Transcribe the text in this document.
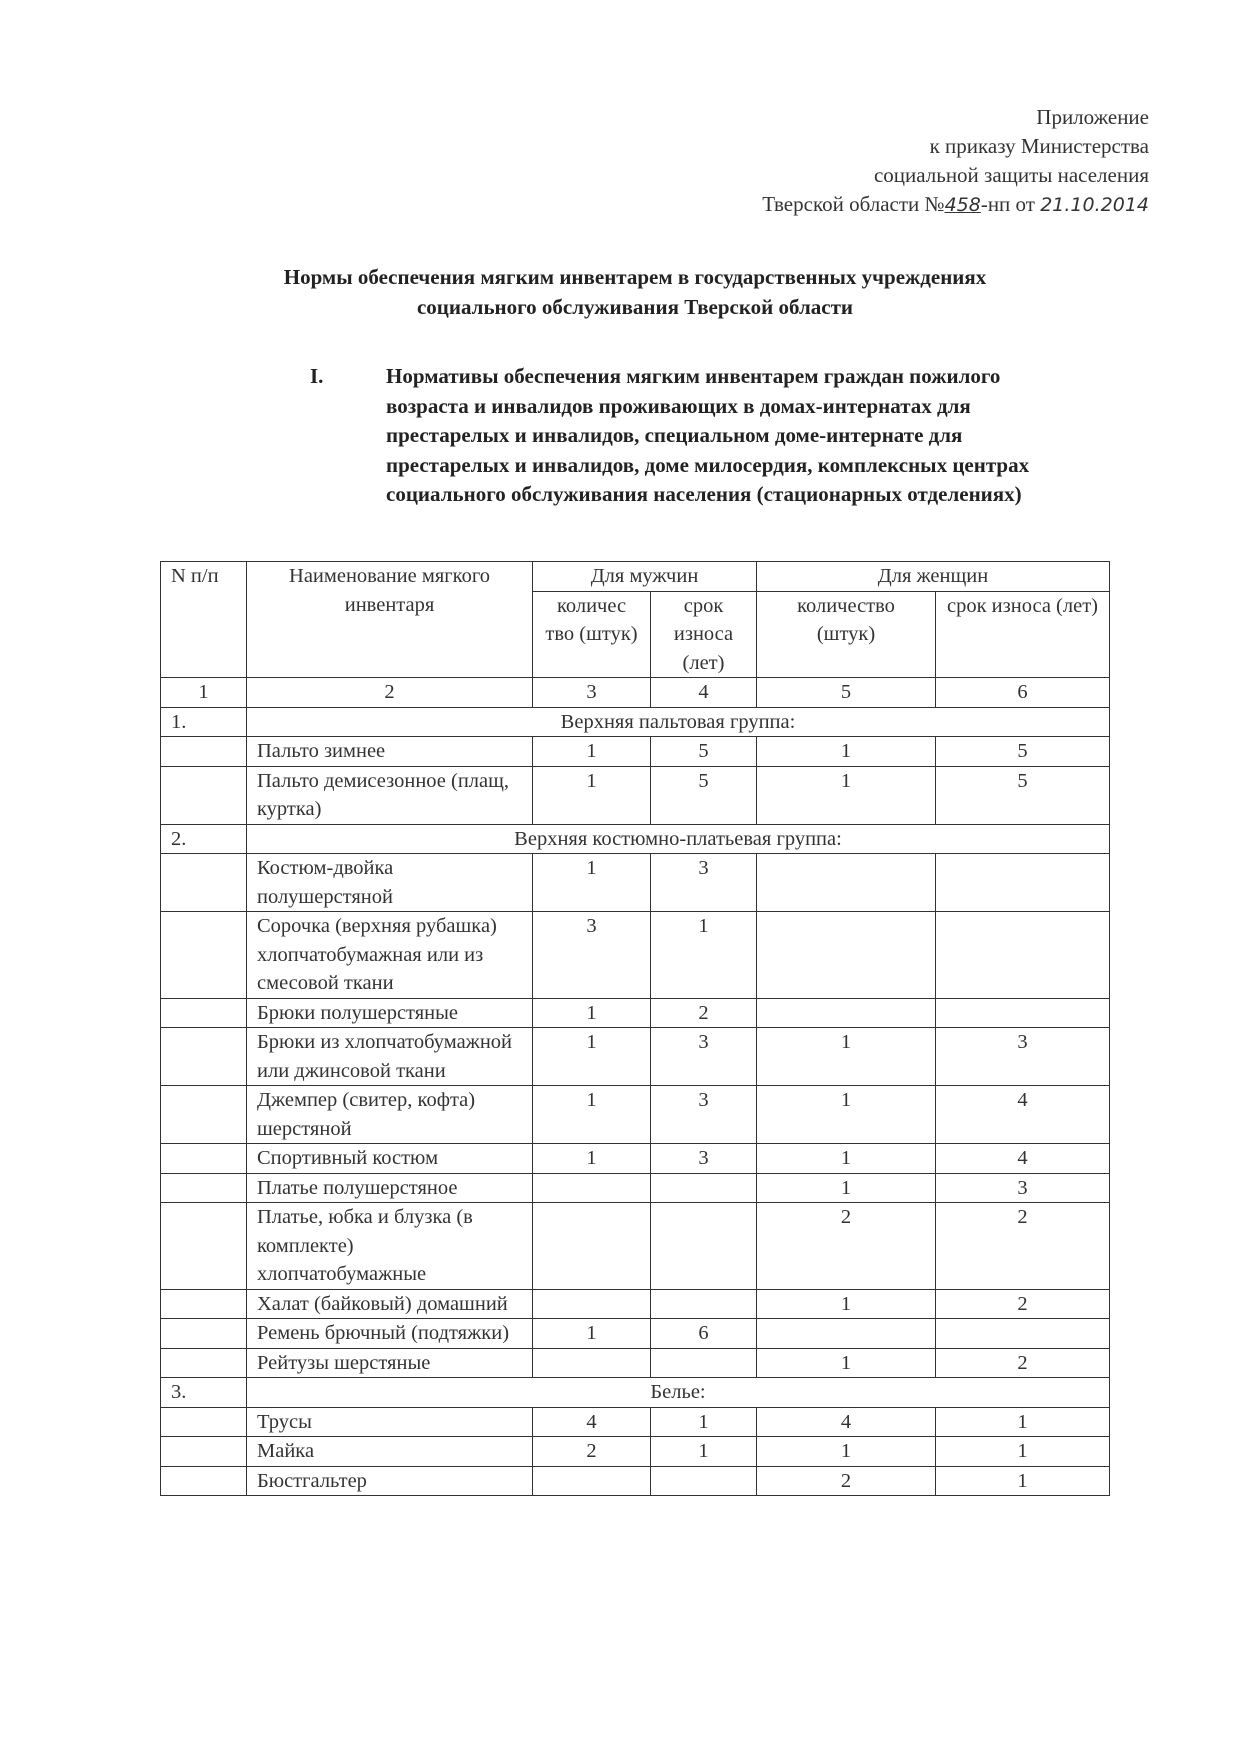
Приложение
к приказу Министерства
социальной защиты населения
Тверской области №458-нп от 21.10.2014
Нормы обеспечения мягким инвентарем в государственных учреждениях
социального обслуживания Тверской области
I.	Нормативы обеспечения мягким инвентарем граждан пожилого возраста и инвалидов проживающих в домах-интернатах для престарелых и инвалидов, специальном доме-интернате для престарелых и инвалидов, доме милосердия, комплексных центрах социального обслуживания населения (стационарных отделениях)
N п/п	Наименование мягкого инвентаря	Для мужчин		Для женщин	
		количес тво (штук)	срок износа (лет)	количество (штук)	срок износа (лет)
1	2	3	4	5	6
1.	Верхняя пальтовая группа:				
	Пальто зимнее	1	5	1	5
	Пальто демисезонное (плащ, куртка)	1	5	1	5
2.	Верхняя костюмно-платьевая группа:				
	Костюм-двойка полушерстяной	1	3		
	Сорочка (верхняя рубашка) хлопчатобумажная или из смесовой ткани	3	1		
	Брюки полушерстяные	1	2		
	Брюки из хлопчатобумажной или джинсовой ткани	1	3	1	3
	Джемпер (свитер, кофта) шерстяной	1	3	1	4
	Спортивный костюм	1	3	1	4
	Платье полушерстяное			1	3
	Платье, юбка и блузка (в комплекте) хлопчатобумажные			2	2
	Халат (байковый) домашний			1	2
	Ремень брючный (подтяжки)	1	6		
	Рейтузы шерстяные			1	2
3.	Белье:				
	Трусы	4	1	4	1
	Майка	2	1	1	1
	Бюстгальтер			2	1
